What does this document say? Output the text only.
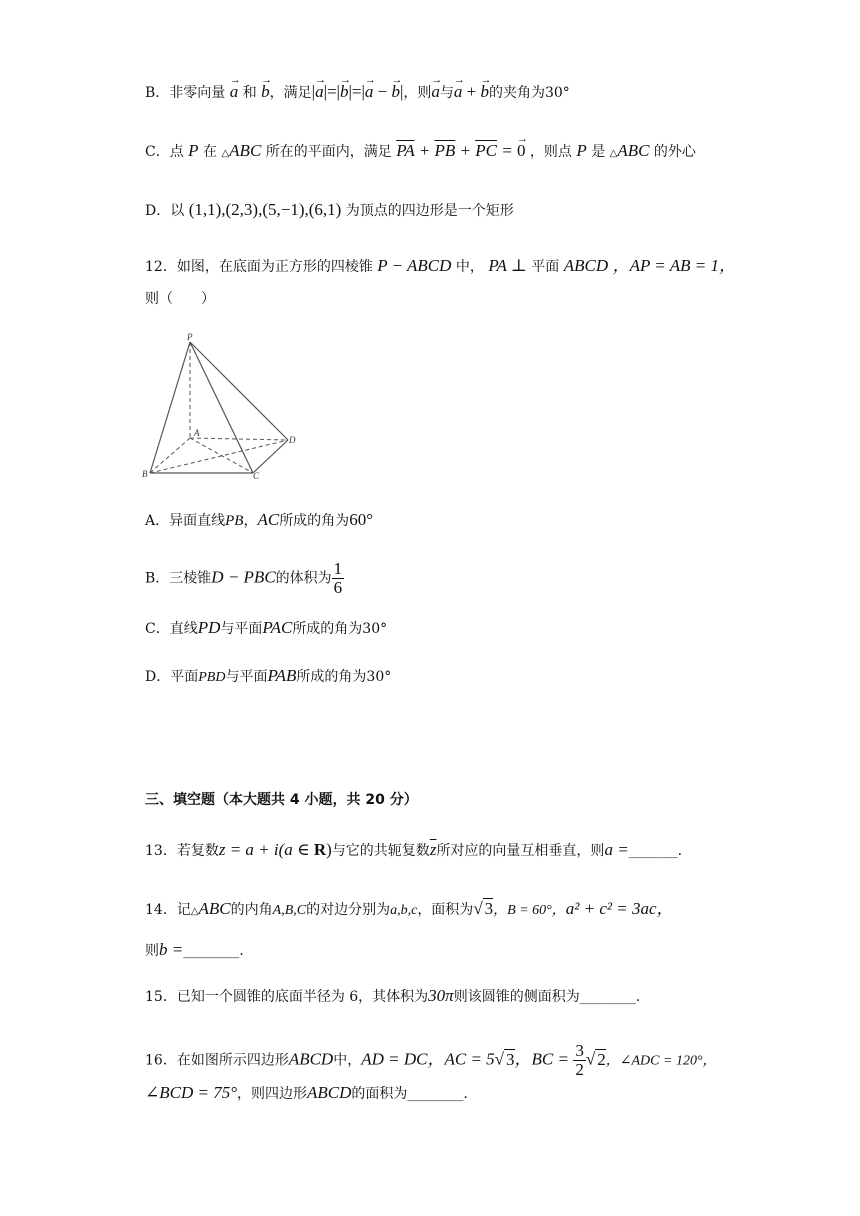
B．非零向量 → a 和 → b，满足|→ a|=|→ b|=|→ a − → b|，则→ a与→ a + → b的夹角为30°
C．点 P 在 △ABC 所在的平面内，满足 $\overline{PA} + \overline{PB} + \overline{PC}$ = → 0 ，则点 P 是 △ABC 的外心
D．以 (1,1),(2,3),(5,−1),(6,1) 为顶点的四边形是一个矩形
12．如图，在底面为正方形的四棱锥 P − ABCD 中， PA ⊥ 平面 ABCD ，AP = AB = 1，
则（　　）
P
A
B	C
D
A．异面直线PB，AC所成的角为60°
B．三棱锥D − PBC的体积为 $\frac{1}{6}$
C．直线PD与平面PAC所成的角为30°
D．平面PBD与平面PAB所成的角为30°
三、填空题（本大题共 4 小题，共 20 分）
13．若复数z = a + i(a ∈ R)与它的共轭复数$\overline{z}$所对应的向量互相垂直，则a =_______.
14．记△ABC的内角A,B,C的对边分别为a,b,c，面积为√ 3，B = 60°，a² + c² = 3ac，
则b =________.
15．已知一个圆锥的底面半径为 6，其体积为30π则该圆锥的侧面积为________.
16．在如图所示四边形ABCD中，AD = DC，AC = 5√ 3，BC = $\frac{3}{2}$ √ 2，∠ADC = 120°，
∠BCD = 75°，则四边形ABCD的面积为________.
